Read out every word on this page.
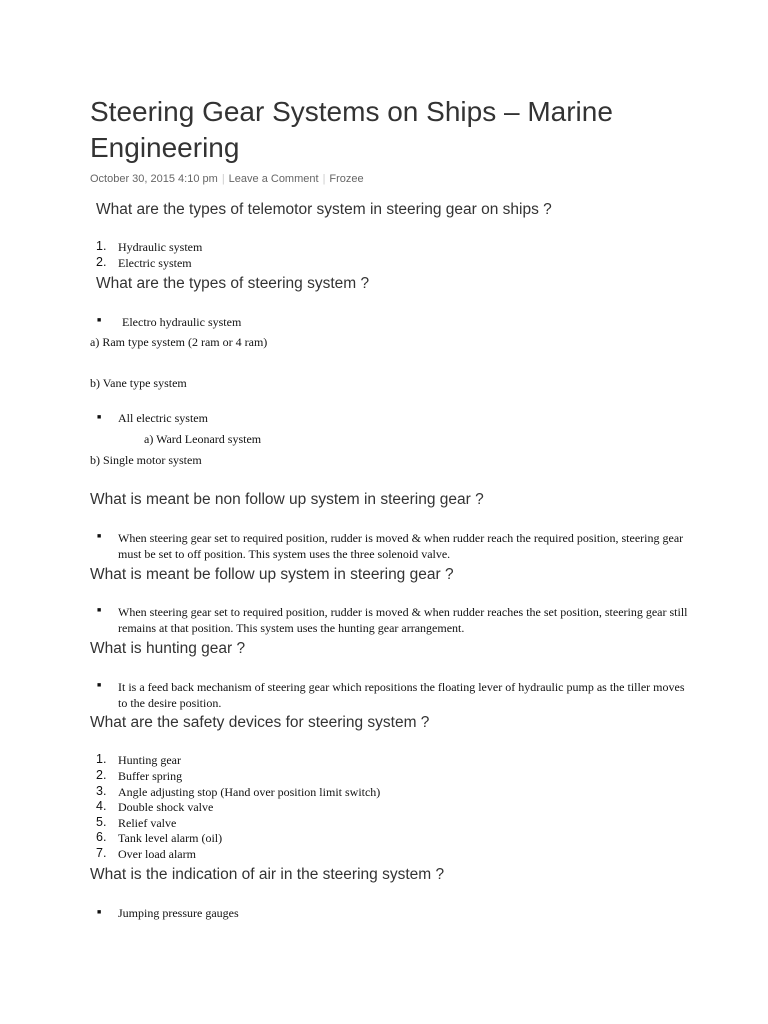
Steering Gear Systems on Ships – Marine Engineering
October 30, 2015 4:10 pm | Leave a Comment | Frozee
What are the types of telemotor system in steering gear on ships ?
1. Hydraulic system
2. Electric system
What are the types of steering system ?
■ Electro hydraulic system
a) Ram type system (2 ram or 4 ram)
b) Vane type system
■ All electric system
a) Ward Leonard system
b) Single motor system
What is meant be non follow up system in steering gear ?
■ When steering gear set to required position, rudder is moved & when rudder reach the required position, steering gear must be set to off position. This system uses the three solenoid valve.
What is meant be follow up system in steering gear ?
■ When steering gear set to required position, rudder is moved & when rudder reaches the set position, steering gear still remains at that position. This system uses the hunting gear arrangement.
What is hunting gear ?
■ It is a feed back mechanism of steering gear which repositions the floating lever of hydraulic pump as the tiller moves to the desire position.
What are the safety devices for steering system ?
1. Hunting gear
2. Buffer spring
3. Angle adjusting stop (Hand over position limit switch)
4. Double shock valve
5. Relief valve
6. Tank level alarm (oil)
7. Over load alarm
What is the indication of air in the steering system ?
■ Jumping pressure gauges
